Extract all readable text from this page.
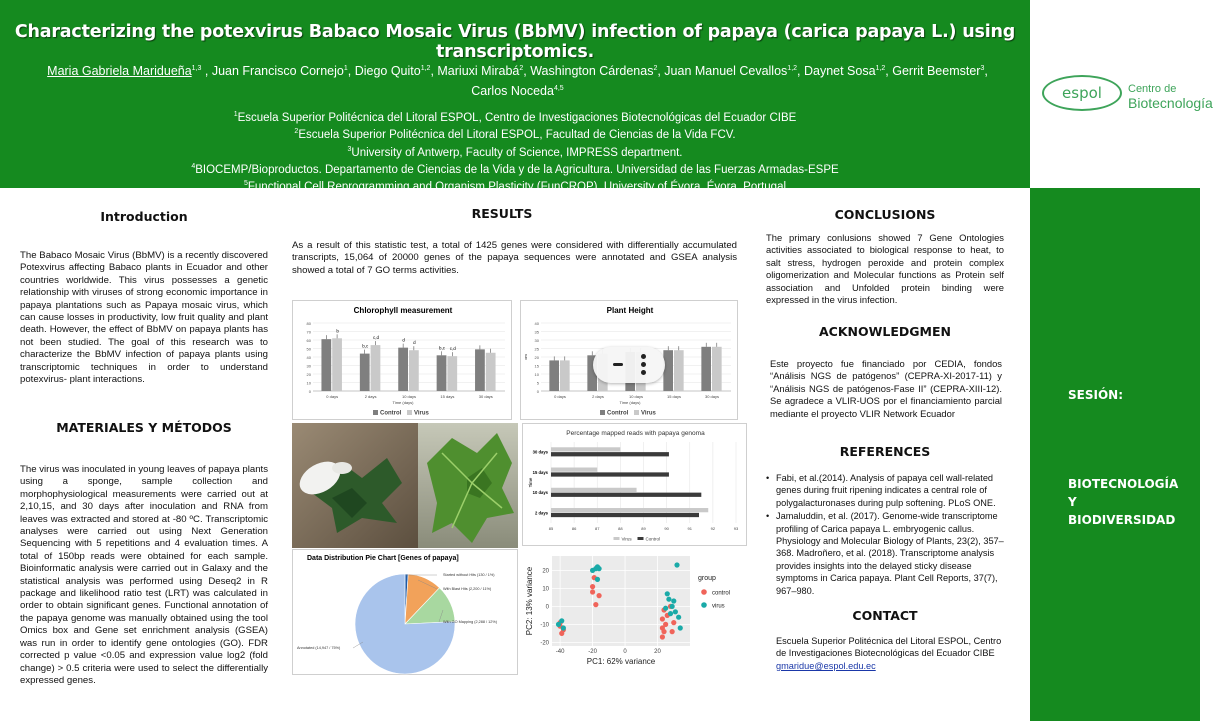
Characterizing the potexvirus Babaco Mosaic Virus (BbMV) infection of papaya (carica papaya L.) using transcriptomics.
Maria Gabriela Maridueña$^{1,3}$ , Juan Francisco Cornejo$^1$, Diego Quito$^{1,2}$, Mariuxi Mirabá$^2$, Washington Cárdenas$^2$, Juan Manuel Cevallos$^{1,2}$, Daynet Sosa$^{1,2}$, Gerrit Beemster$^3$, Carlos Noceda$^{4,5}$
$^1$Escuela Superior Politécnica del Litoral ESPOL, Centro de Investigaciones Biotecnológicas del Ecuador CIBE
$^2$Escuela Superior Politécnica del Litoral ESPOL, Facultad de Ciencias de la Vida FCV.
$^3$University of Antwerp, Faculty of Science, IMPRESS department.
$^4$BIOCEMP/Bioproductos. Departamento de Ciencias de la Vida y de la Agricultura. Universidad de las Fuerzas Armadas-ESPE
$^5$Functional Cell Reprogramming and Organism Plasticity (FunCROP), University of Évora, Évora, Portugal
espol	Centro de
Biotecnología
SESIÓN:
BIOTECNOLOGÍA
Y
BIODIVERSIDAD
Introduction
The Babaco Mosaic Virus (BbMV) is a recently discovered Potexvirus affecting Babaco plants in Ecuador and other countries worldwide. This virus possesses a genetic relationship with viruses of strong economic importance in papaya plantations such as Papaya mosaic virus, which can cause losses in productivity, low fruit quality and plant death. However, the effect of BbMV on papaya plants has not been studied. The goal of this research was to characterize the BbMV infection of papaya plants using transcriptomic techniques in order to understand potexvirus- plant interactions.
MATERIALES Y MÉTODOS
The virus was inoculated in young leaves of papaya plants using a sponge, sample collection and morphophysiological measurements were carried out at 2,10,15, and 30 days after inoculation and RNA from leaves was extracted and stored at -80 ºC. Transcriptomic analyses were carried out using Next Generation Sequencing with 5 repetitions and 4 evaluation times. A total of 150bp reads were obtained for each sample. Bioinformatic analysis were carried out in Galaxy and the statistical analysis was performed using Deseq2 in R package and likelihood ratio test (LRT) was calculated in order to obtain significant genes. Functional annotation of the papaya genome was manually obtained using the tool Omics box and Gene set enrichment analysis (GSEA) was run in order to identify gene ontologies (GO). FDR corrected p value <0.05 and expression value log2 (fold change) > 0.5 criteria were used to select the differentially expressed genes.
RESULTS
As a result of this statistic test, a total of 1425 genes were considered with differentially accumulated transcripts, 15,064 of 20000 genes of the papaya sequences were annotated and GSEA analysis showed a total of 7 GO terms activities.
Chlorophyll measurement
0
10
20
30
40
50
60
70
80
b
0 days
b,c
c,d
2 days
d
d
10 days
b,c c,d
15 days	30 days
Time (days)
Control Virus
Plant Height
0
5
10
15
20
25
30
35
40
cm
0 days	2 days	10 days	15 days	30 days
Time (days)
Control Virus
Percentage mapped reads with papaya genoma
85	86	87	88	89	90	91	92	93
Time
30 days
15 days
10 days
2 days
Virus	Control
Data Distribution Pie Chart [Genes of papaya]
Started without Hits (130 / 1%)
With Blast Hits (2,200 / 11%)
With GO Mapping (2,288 / 12%)
Annotated (14,947 / 75%)
-40	-20	0	20
-20
-10
0
10
20
PC1: 62% variance
PC2: 13% variance	group
control
virus
CONCLUSIONS
The primary conlusions showed 7 Gene Ontologies activities associated to biological response to heat, to salt stress, hydrogen peroxide and protein complex oligomerization and Molecular functions as Protein self association and Unfolded protein binding were expressed in the virus infection.
ACKNOWLEDGMEN
Este proyecto fue financiado por CEDIA, fondos “Análisis NGS de patógenos” (CEPRA-XI-2017-11) y “Análisis NGS de patógenos-Fase II” (CEPRA-XIII-12). Se agradece a VLIR-UOS por el financiamiento parcial mediante el proyecto VLIR Network Ecuador
REFERENCES
• Fabi, et al.(2014). Analysis of papaya cell wall-related genes during fruit ripening indicates a central role of polygalacturonases during pulp softening. PLoS ONE.
• Jamaluddin, et al. (2017). Genome-wide transcriptome profiling of Carica papaya L. embryogenic callus. Physiology and Molecular Biology of Plants, 23(2), 357–368. Madroñero, et al. (2018). Transcriptome analysis provides insights into the delayed sticky disease symptoms in Carica papaya. Plant Cell Reports, 37(7), 967–980.
CONTACT
Escuela Superior Politécnica del Litoral ESPOL, Centro de Investigaciones Biotecnológicas del Ecuador CIBE
gmaridue@espol.edu.ec
